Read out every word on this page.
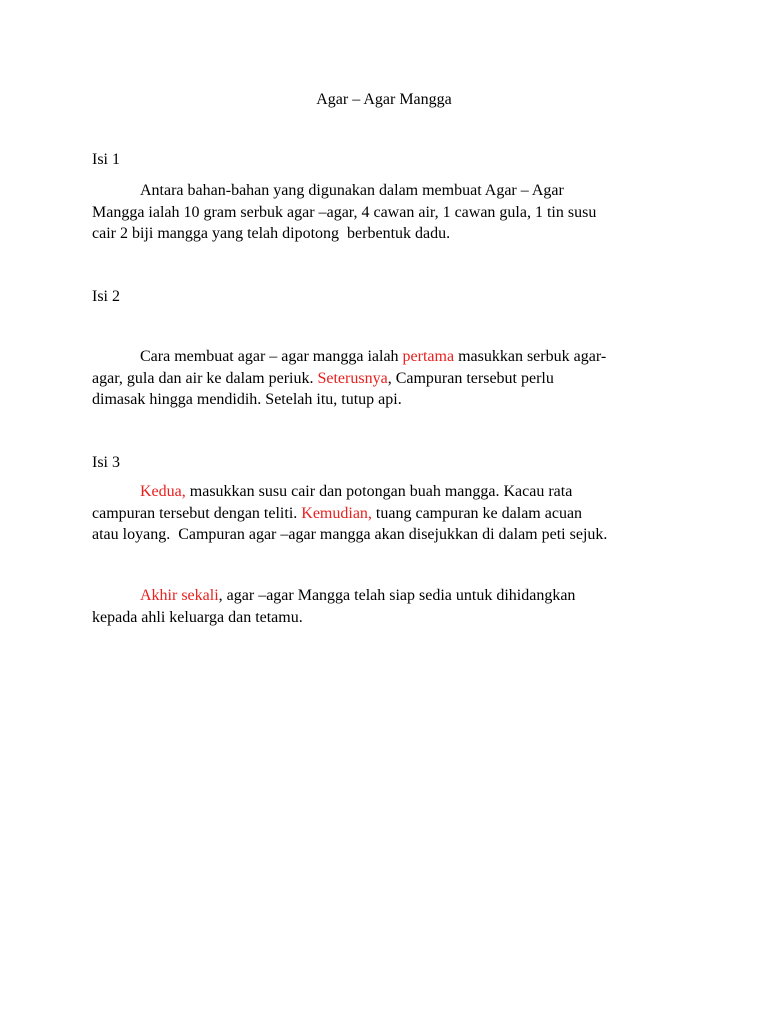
Agar – Agar Mangga

Isi 1

Antara bahan-bahan yang digunakan dalam membuat Agar – Agar
Mangga ialah 10 gram serbuk agar –agar, 4 cawan air, 1 cawan gula, 1 tin susu
cair 2 biji mangga yang telah dipotong  berbentuk dadu.

Isi 2

Cara membuat agar – agar mangga ialah pertama masukkan serbuk agar-
agar, gula dan air ke dalam periuk. Seterusnya, Campuran tersebut perlu
dimasak hingga mendidih. Setelah itu, tutup api.

Isi 3

Kedua, masukkan susu cair dan potongan buah mangga. Kacau rata
campuran tersebut dengan teliti. Kemudian, tuang campuran ke dalam acuan
atau loyang.  Campuran agar –agar mangga akan disejukkan di dalam peti sejuk.
Akhir sekali, agar –agar Mangga telah siap sedia untuk dihidangkan
kepada ahli keluarga dan tetamu.
